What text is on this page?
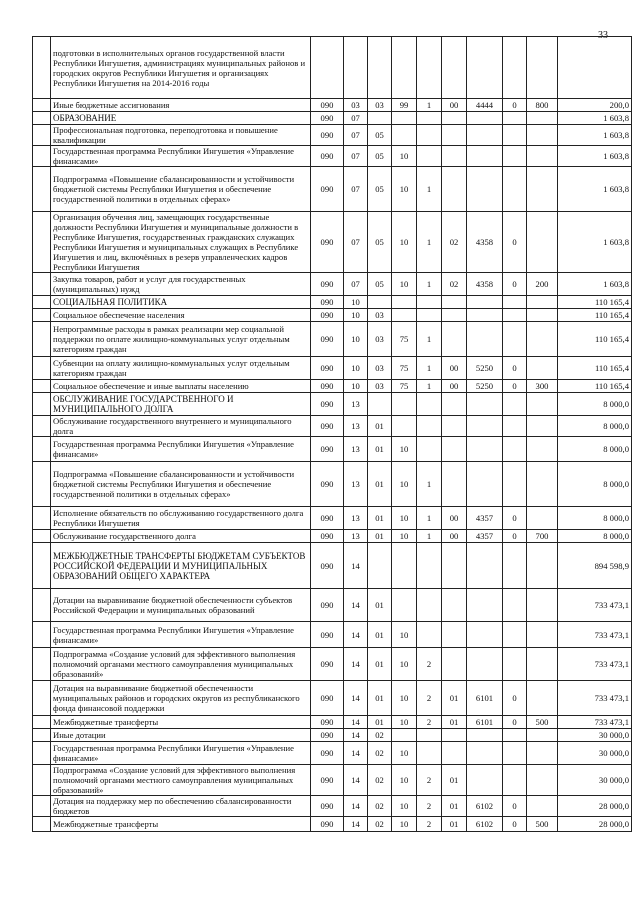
33
	подготовки в исполнительных органов государственной власти Республики Ингушетия, администрациях муниципальных районов и городских округов Республики Ингушетия и организациях Республики Ингушетия на 2014-2016 годы										
	Иные бюджетные ассигнования	090	03	03	99	1	00	4444	0	800	200,0
	ОБРАЗОВАНИЕ	090	07								1 603,8
	Профессиональная подготовка, переподготовка и повышение квалификации	090	07	05							1 603,8
	Государственная программа Республики Ингушетия «Управление финансами»	090	07	05	10						1 603,8
	Подпрограмма «Повышение сбалансированности и устойчивости бюджетной системы Республики Ингушетия и обеспечение государственной политики в отдельных сферах»	090	07	05	10	1					1 603,8
	Организация обучения лиц, замещающих государственные должности Республики Ингушетия и муниципальные должности в Республике Ингушетия, государственных гражданских служащих Республики Ингушетия и муниципальных служащих в Республике Ингушетия и лиц, включённых в резерв управленческих кадров Республики Ингушетия	090	07	05	10	1	02	4358	0		1 603,8
	Закупка товаров, работ и услуг для государственных (муниципальных) нужд	090	07	05	10	1	02	4358	0	200	1 603,8
	СОЦИАЛЬНАЯ ПОЛИТИКА	090	10								110 165,4
	Социальное обеспечение населения	090	10	03							110 165,4
	Непрограммные расходы в рамках реализации мер социальной поддержки по оплате жилищно-коммунальных услуг отдельным категориям граждан	090	10	03	75	1					110 165,4
	Субвенции на оплату жилищно-коммунальных услуг отдельным категориям граждан	090	10	03	75	1	00	5250	0		110 165,4
	Социальное обеспечение и иные выплаты населению	090	10	03	75	1	00	5250	0	300	110 165,4
	ОБСЛУЖИВАНИЕ ГОСУДАРСТВЕННОГО И МУНИЦИПАЛЬНОГО ДОЛГА	090	13								8 000,0
	Обслуживание государственного внутреннего и муниципального долга	090	13	01							8 000,0
	Государственная программа Республики Ингушетия «Управление финансами»	090	13	01	10						8 000,0
	Подпрограмма «Повышение сбалансированности и устойчивости бюджетной системы Республики Ингушетия и обеспечение государственной политики в отдельных сферах»	090	13	01	10	1					8 000,0
	Исполнение обязательств по обслуживанию государственного долга Республики Ингушетия	090	13	01	10	1	00	4357	0		8 000,0
	Обслуживание государственного долга	090	13	01	10	1	00	4357	0	700	8 000,0
	МЕЖБЮДЖЕТНЫЕ ТРАНСФЕРТЫ БЮДЖЕТАМ СУБЪЕКТОВ РОССИЙСКОЙ ФЕДЕРАЦИИ И МУНИЦИПАЛЬНЫХ ОБРАЗОВАНИЙ ОБЩЕГО ХАРАКТЕРА	090	14								894 598,9
	Дотации на выравнивание бюджетной обеспеченности субъектов Российской Федерации и муниципальных образований	090	14	01							733 473,1
	Государственная программа Республики Ингушетия «Управление финансами»	090	14	01	10						733 473,1
	Подпрограмма «Создание условий для эффективного выполнения полномочий органами местного самоуправления муниципальных образований»	090	14	01	10	2					733 473,1
	Дотация на выравнивание бюджетной обеспеченности муниципальных районов и городских округов из республиканского фонда финансовой поддержки	090	14	01	10	2	01	6101	0		733 473,1
	Межбюджетные трансферты	090	14	01	10	2	01	6101	0	500	733 473,1
	Иные дотации	090	14	02							30 000,0
	Государственная программа Республики Ингушетия «Управление финансами»	090	14	02	10						30 000,0
	Подпрограмма «Создание условий для эффективного выполнения полномочий органами местного самоуправления муниципальных образований»	090	14	02	10	2	01				30 000,0
	Дотация на поддержку мер по обеспечению сбалансированности бюджетов	090	14	02	10	2	01	6102	0		28 000,0
	Межбюджетные трансферты	090	14	02	10	2	01	6102	0	500	28 000,0
